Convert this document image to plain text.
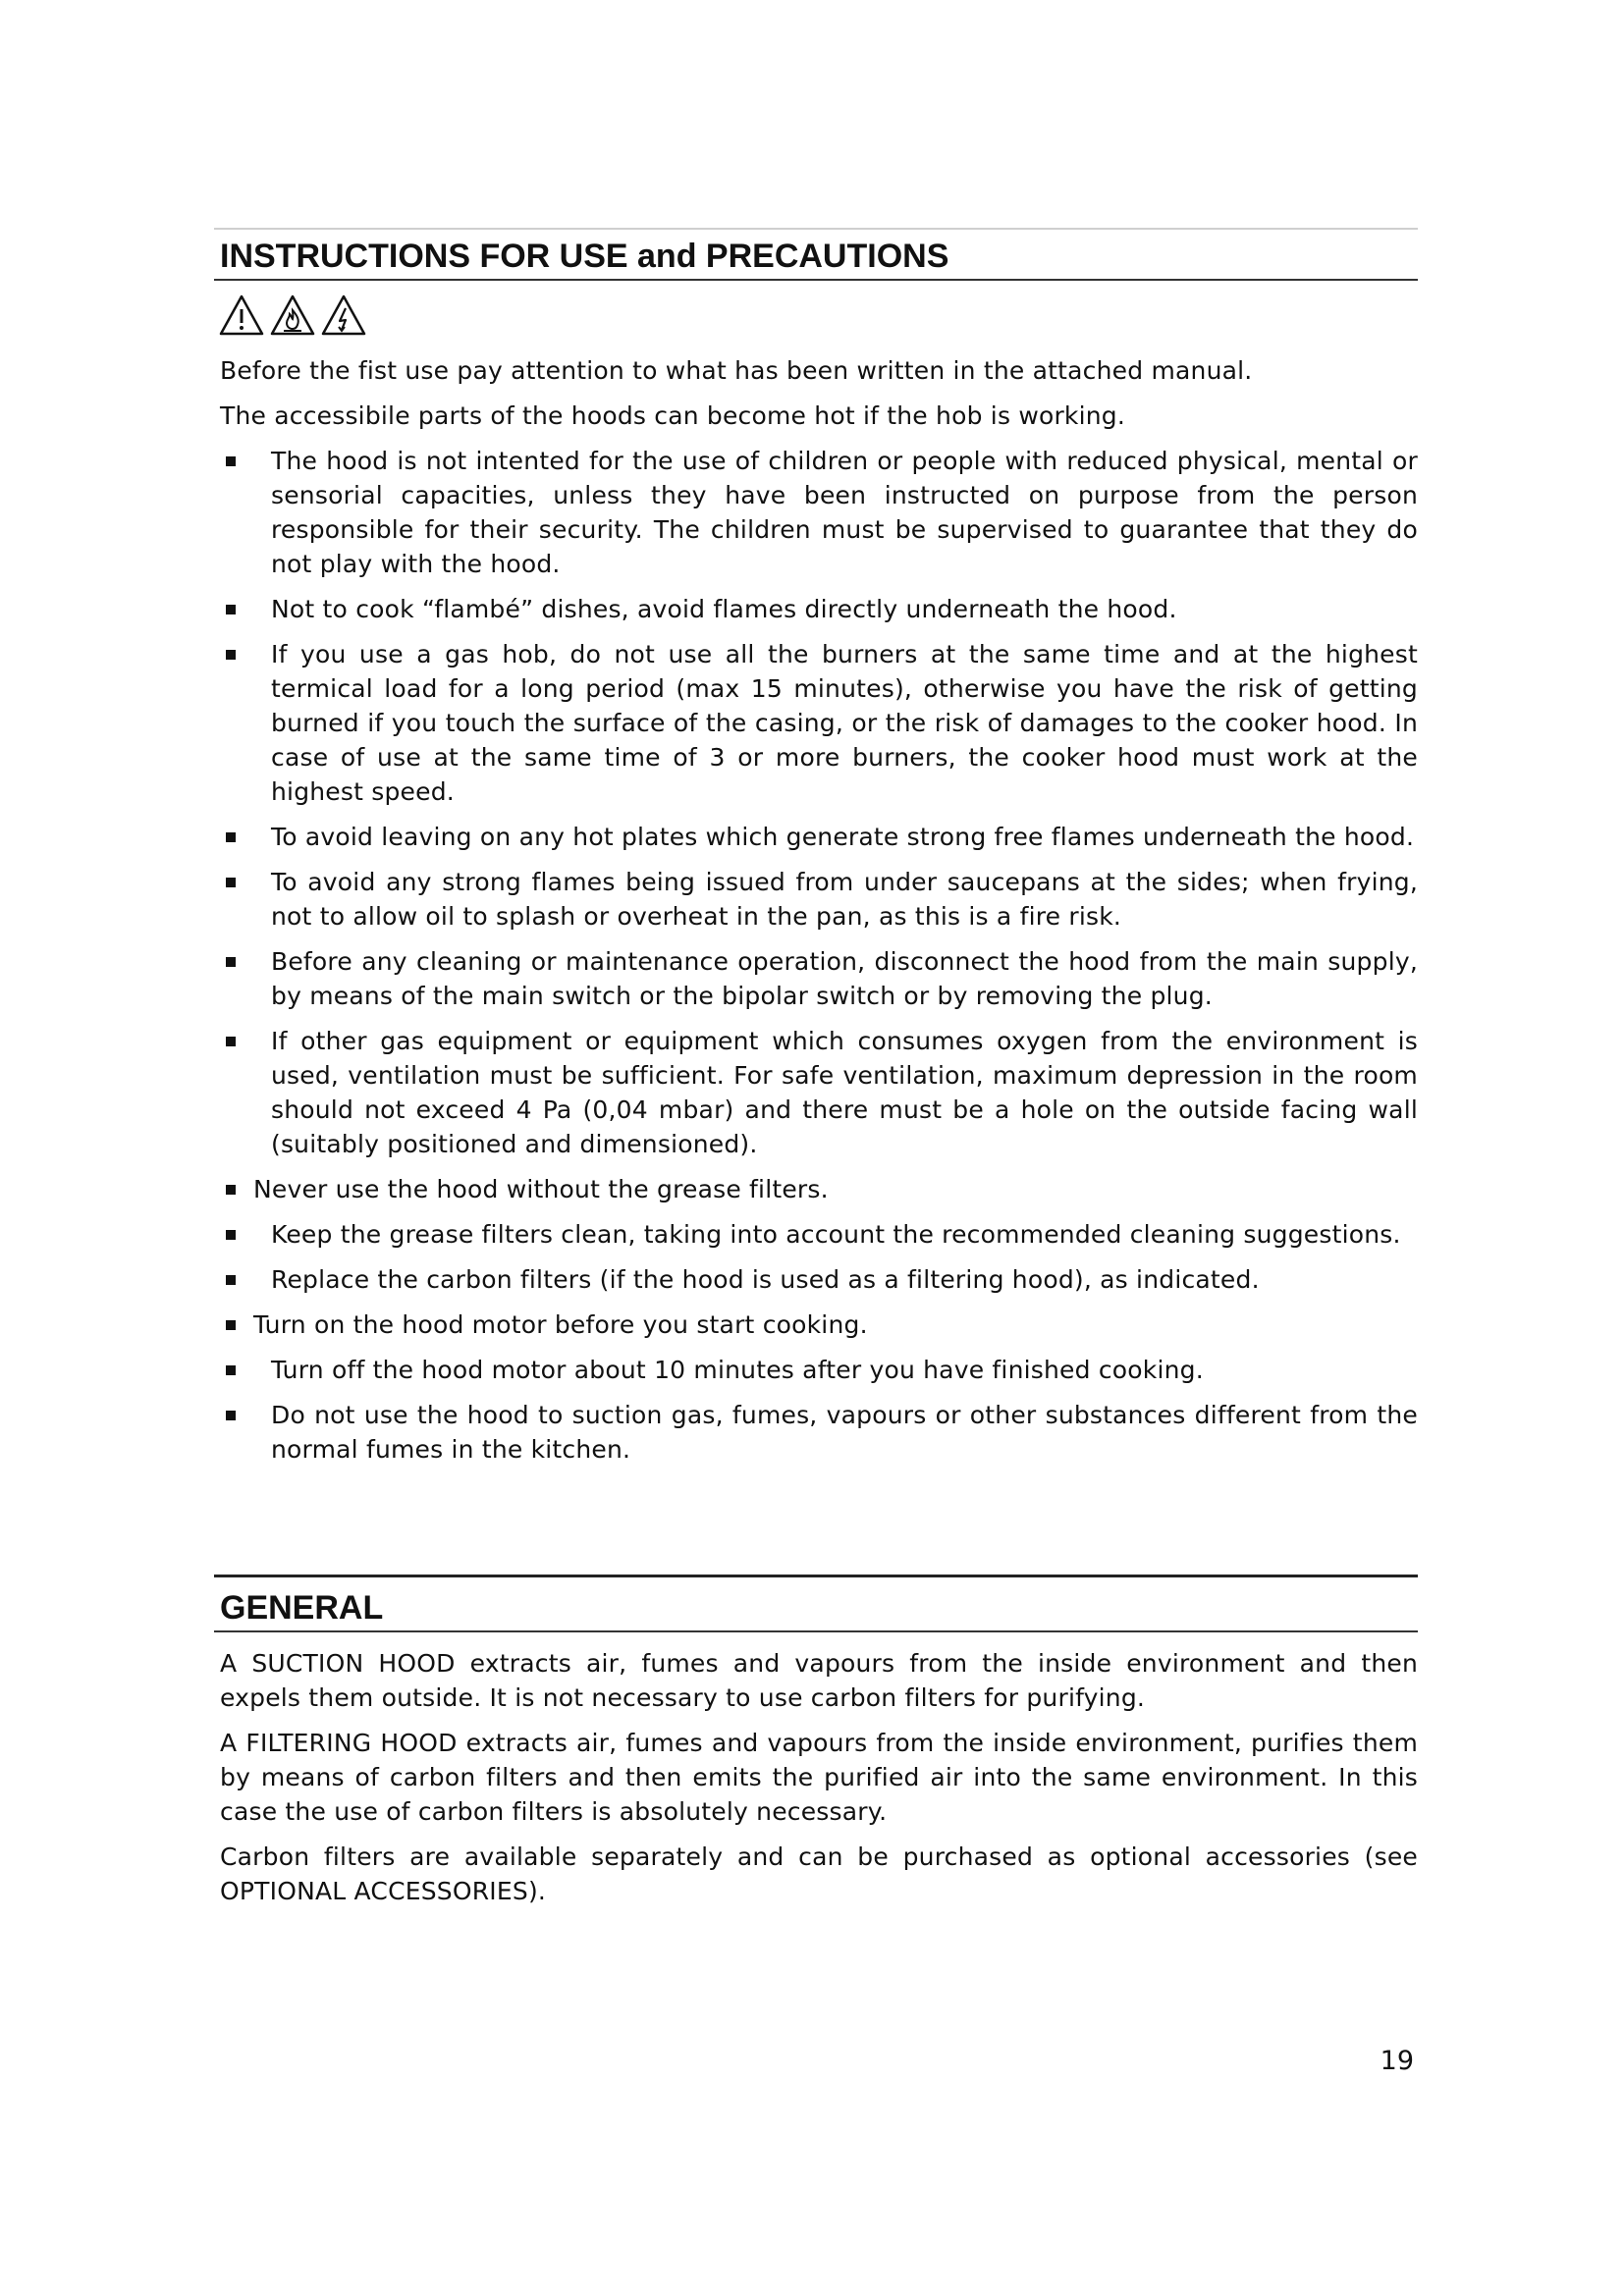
INSTRUCTIONS FOR USE and PRECAUTIONS

Before the fist use pay attention to what has been written in the attached manual.

The accessibile parts of the hoods can become hot if the hob is working.

The hood is not intented for the use of children or people with reduced physical, mental or sensorial capacities, unless they have been instructed on purpose from the person responsible for their security. The children must be supervised to guarantee that they do not play with the hood.
Not to cook “flambé” dishes, avoid flames directly underneath the hood.
If you use a gas hob, do not use all the burners at the same time and at the highest termical load for a long period (max 15 minutes), otherwise you have the risk of getting burned if you touch the surface of the casing, or the risk of damages to the cooker hood. In case of use at the same time of 3 or more burners, the cooker hood must work at the highest speed.
To avoid leaving on any hot plates which generate strong free flames underneath the hood.
To avoid any strong flames being issued from under saucepans at the sides; when frying, not to allow oil to splash or overheat in the pan, as this is a fire risk.
Before any cleaning or maintenance operation, disconnect the hood from the main supply, by means of the main switch or the bipolar switch or by removing the plug.
If other gas equipment or equipment which consumes oxygen from the environment is used, ventilation must be sufficient. For safe ventilation, maximum depression in the room should not exceed 4 Pa (0,04 mbar) and there must be a hole on the outside facing wall (suitably positioned and dimensioned).
Never use the hood without the grease filters.
Keep the grease filters clean, taking into account the recommended cleaning suggestions.
Replace the carbon filters (if the hood is used as a filtering hood), as indicated.
Turn on the hood motor before you start cooking.
Turn off the hood motor about 10 minutes after you have finished cooking.
Do not use the hood to suction gas, fumes, vapours or other substances different from the normal fumes in the kitchen.
GENERAL

A SUCTION HOOD extracts air, fumes and vapours from the inside environment and then expels them outside. It is not necessary to use carbon filters for purifying.

A FILTERING HOOD extracts air, fumes and vapours from the inside environment, purifies them by means of carbon filters and then emits the purified air into the same environment. In this case the use of carbon filters is absolutely necessary.

Carbon filters are available separately and can be purchased as optional accessories (see OPTIONAL ACCESSORIES).

19
